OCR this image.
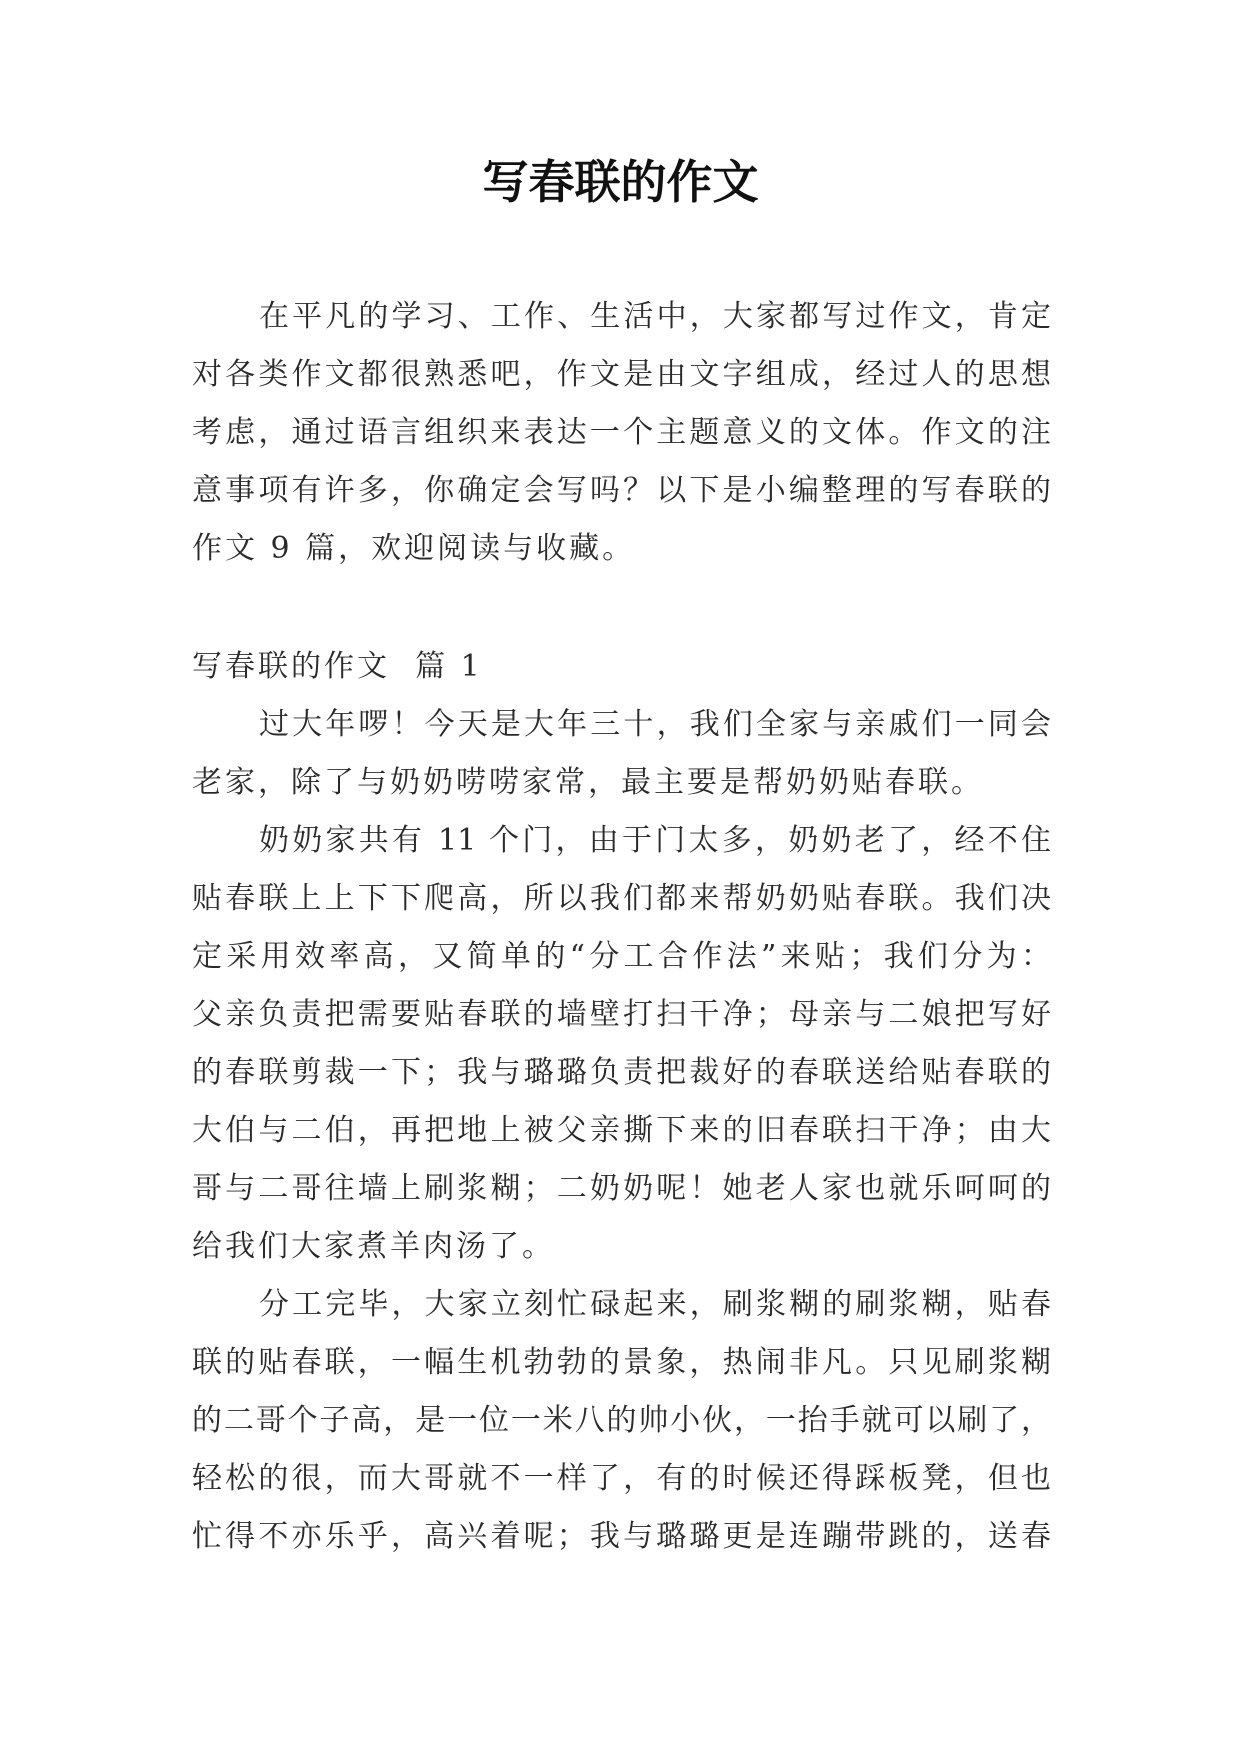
写春联的作文
在平凡的学习、工作、生活中，大家都写过作文，肯定
对各类作文都很熟悉吧，作文是由文字组成，经过人的思想
考虑，通过语言组织来表达一个主题意义的文体。作文的注
意事项有许多，你确定会写吗？以下是小编整理的写春联的
作文 9 篇，欢迎阅读与收藏。
写春联的作文  篇 1
过大年啰！今天是大年三十，我们全家与亲戚们一同会
老家，除了与奶奶唠唠家常，最主要是帮奶奶贴春联。
奶奶家共有 11 个门，由于门太多，奶奶老了，经不住
贴春联上上下下爬高，所以我们都来帮奶奶贴春联。我们决
定采用效率高，又简单的“分工合作法”来贴；我们分为：
父亲负责把需要贴春联的墙壁打扫干净；母亲与二娘把写好
的春联剪裁一下；我与璐璐负责把裁好的春联送给贴春联的
大伯与二伯，再把地上被父亲撕下来的旧春联扫干净；由大
哥与二哥往墙上刷浆糊；二奶奶呢！她老人家也就乐呵呵的
给我们大家煮羊肉汤了。
分工完毕，大家立刻忙碌起来，刷浆糊的刷浆糊，贴春
联的贴春联，一幅生机勃勃的景象，热闹非凡。只见刷浆糊
的二哥个子高，是一位一米八的帅小伙，一抬手就可以刷了，
轻松的很，而大哥就不一样了，有的时候还得踩板凳，但也
忙得不亦乐乎，高兴着呢；我与璐璐更是连蹦带跳的，送春
